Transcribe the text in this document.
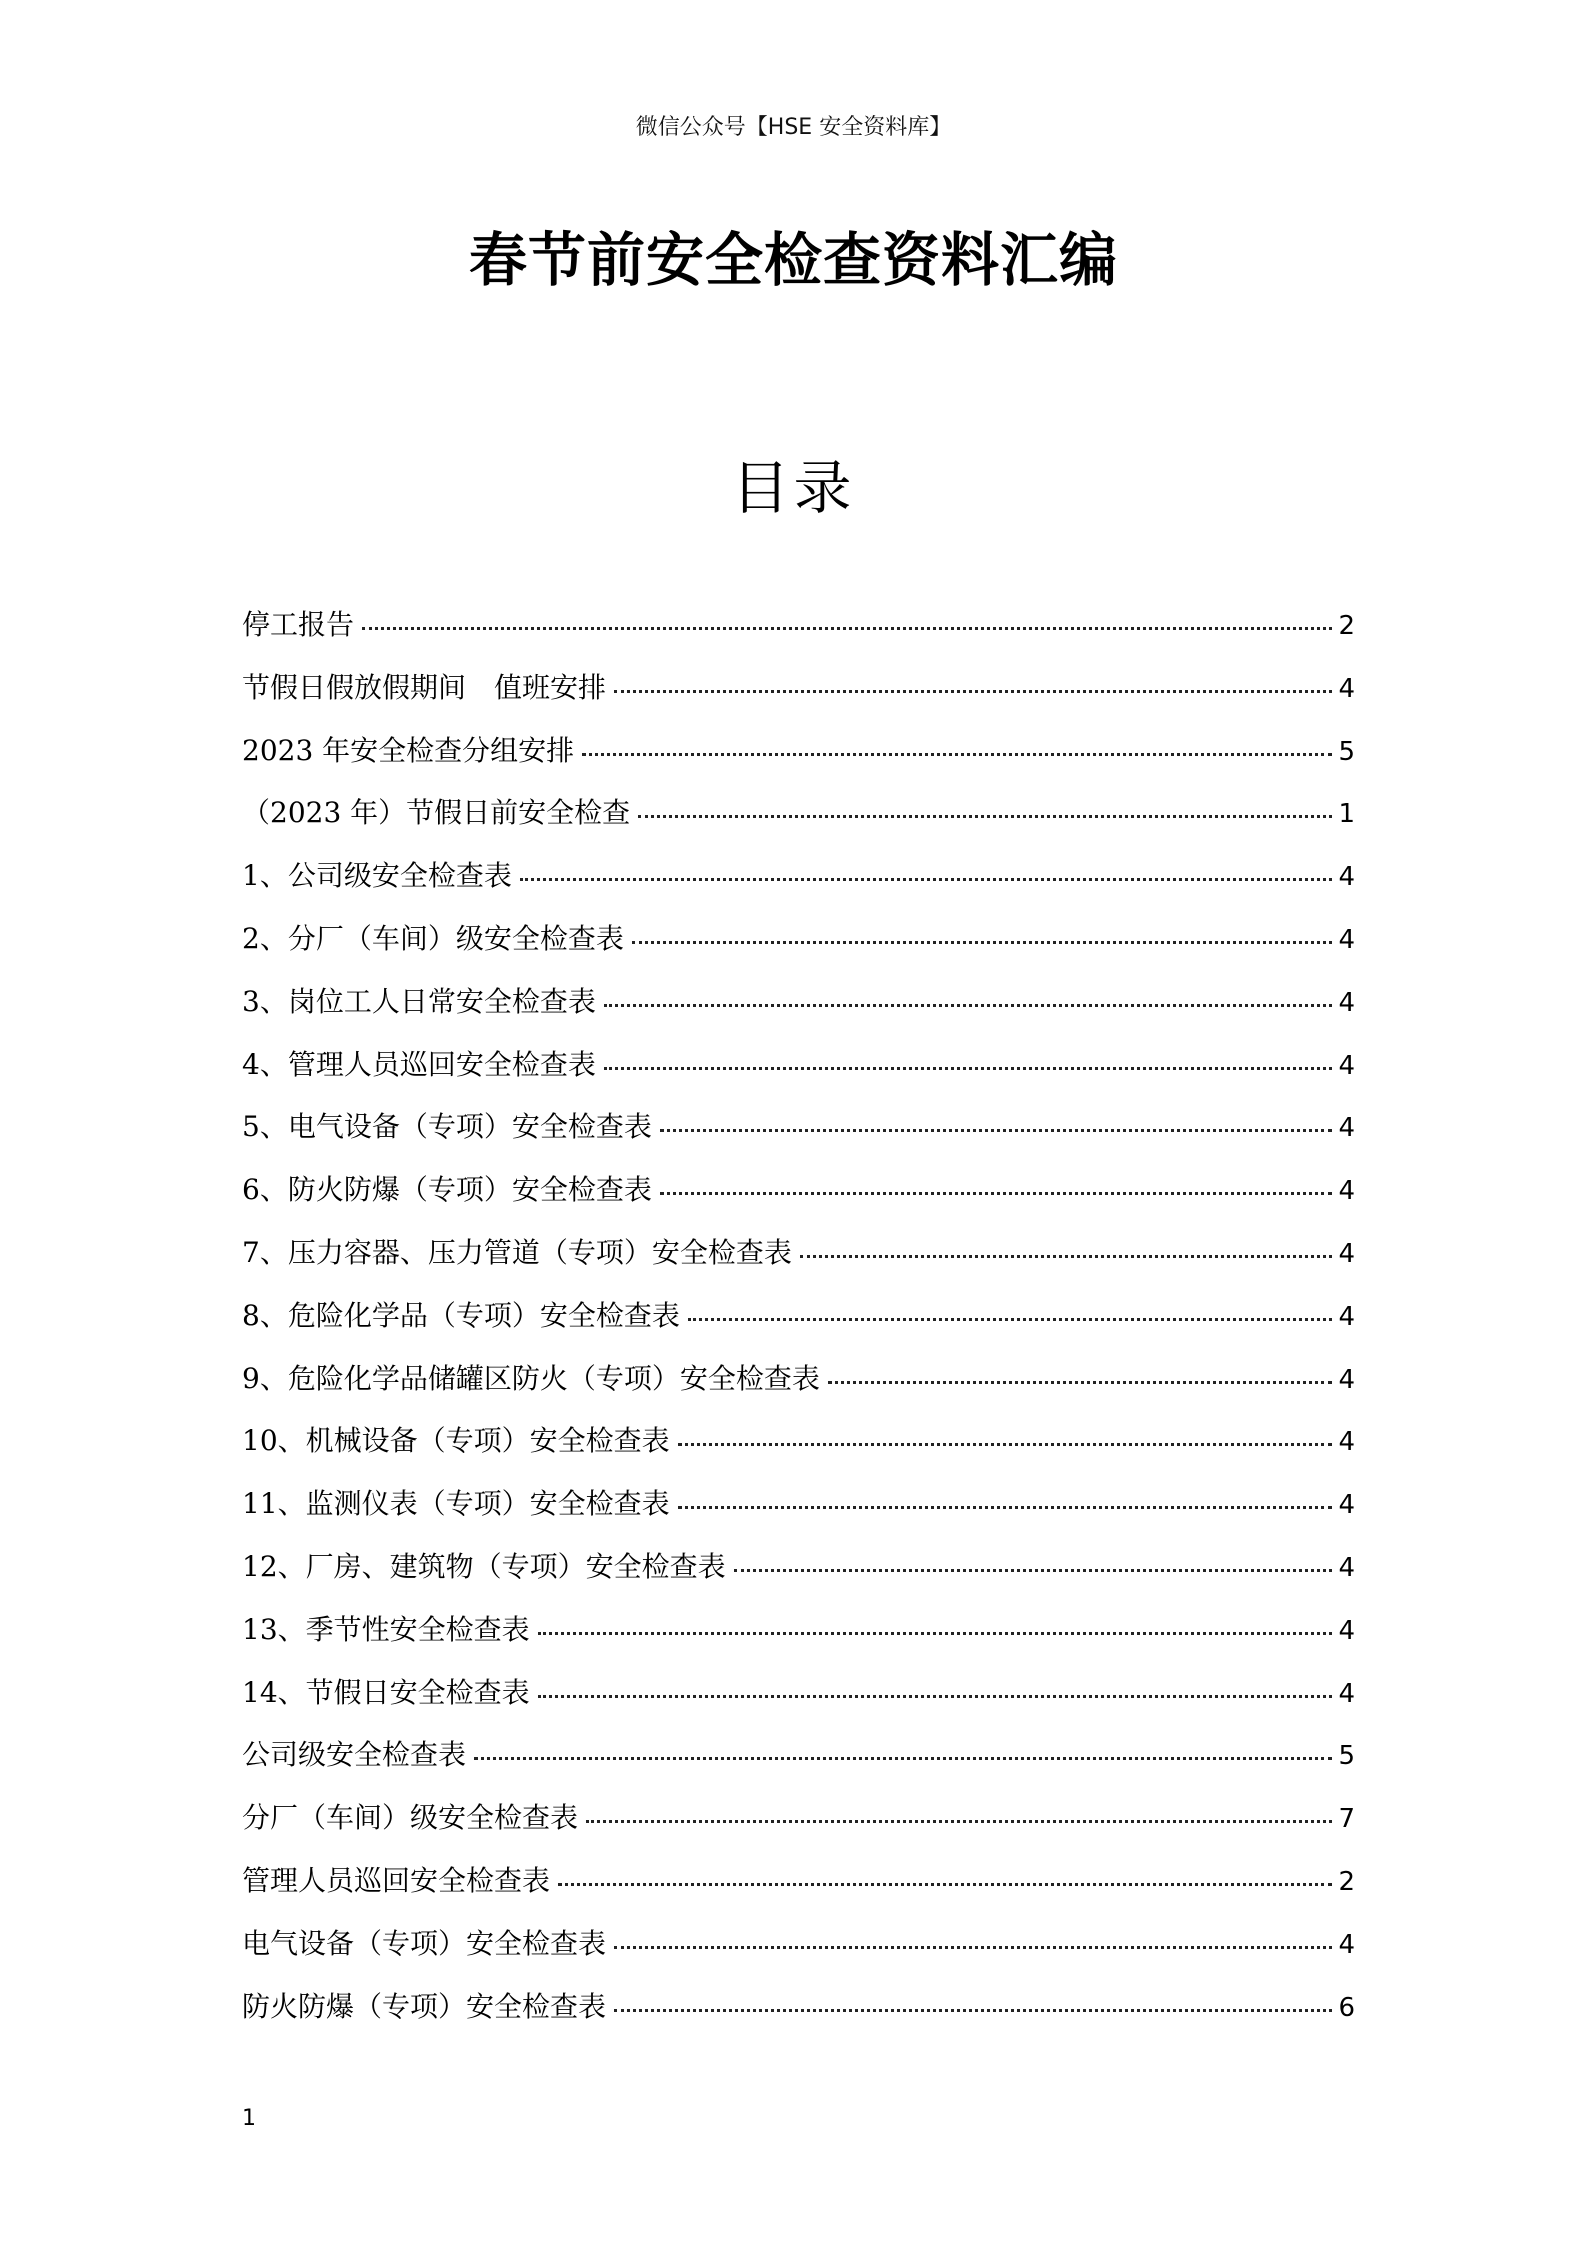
微信公众号【HSE 安全资料库】
春节前安全检查资料汇编
目录
停工报告	2
节假日假放假期间　值班安排	4
2023 年安全检查分组安排	5
（2023 年）节假日前安全检查	1
1、公司级安全检查表	4
2、分厂（车间）级安全检查表	4
3、岗位工人日常安全检查表	4
4、管理人员巡回安全检查表	4
5、电气设备（专项）安全检查表	4
6、防火防爆（专项）安全检查表	4
7、压力容器、压力管道（专项）安全检查表	4
8、危险化学品（专项）安全检查表	4
9、危险化学品储罐区防火（专项）安全检查表	4
10、机械设备（专项）安全检查表	4
11、监测仪表（专项）安全检查表	4
12、厂房、建筑物（专项）安全检查表	4
13、季节性安全检查表	4
14、节假日安全检查表	4
公司级安全检查表	5
分厂（车间）级安全检查表	7
管理人员巡回安全检查表	2
电气设备（专项）安全检查表	4
防火防爆（专项）安全检查表	6
1
